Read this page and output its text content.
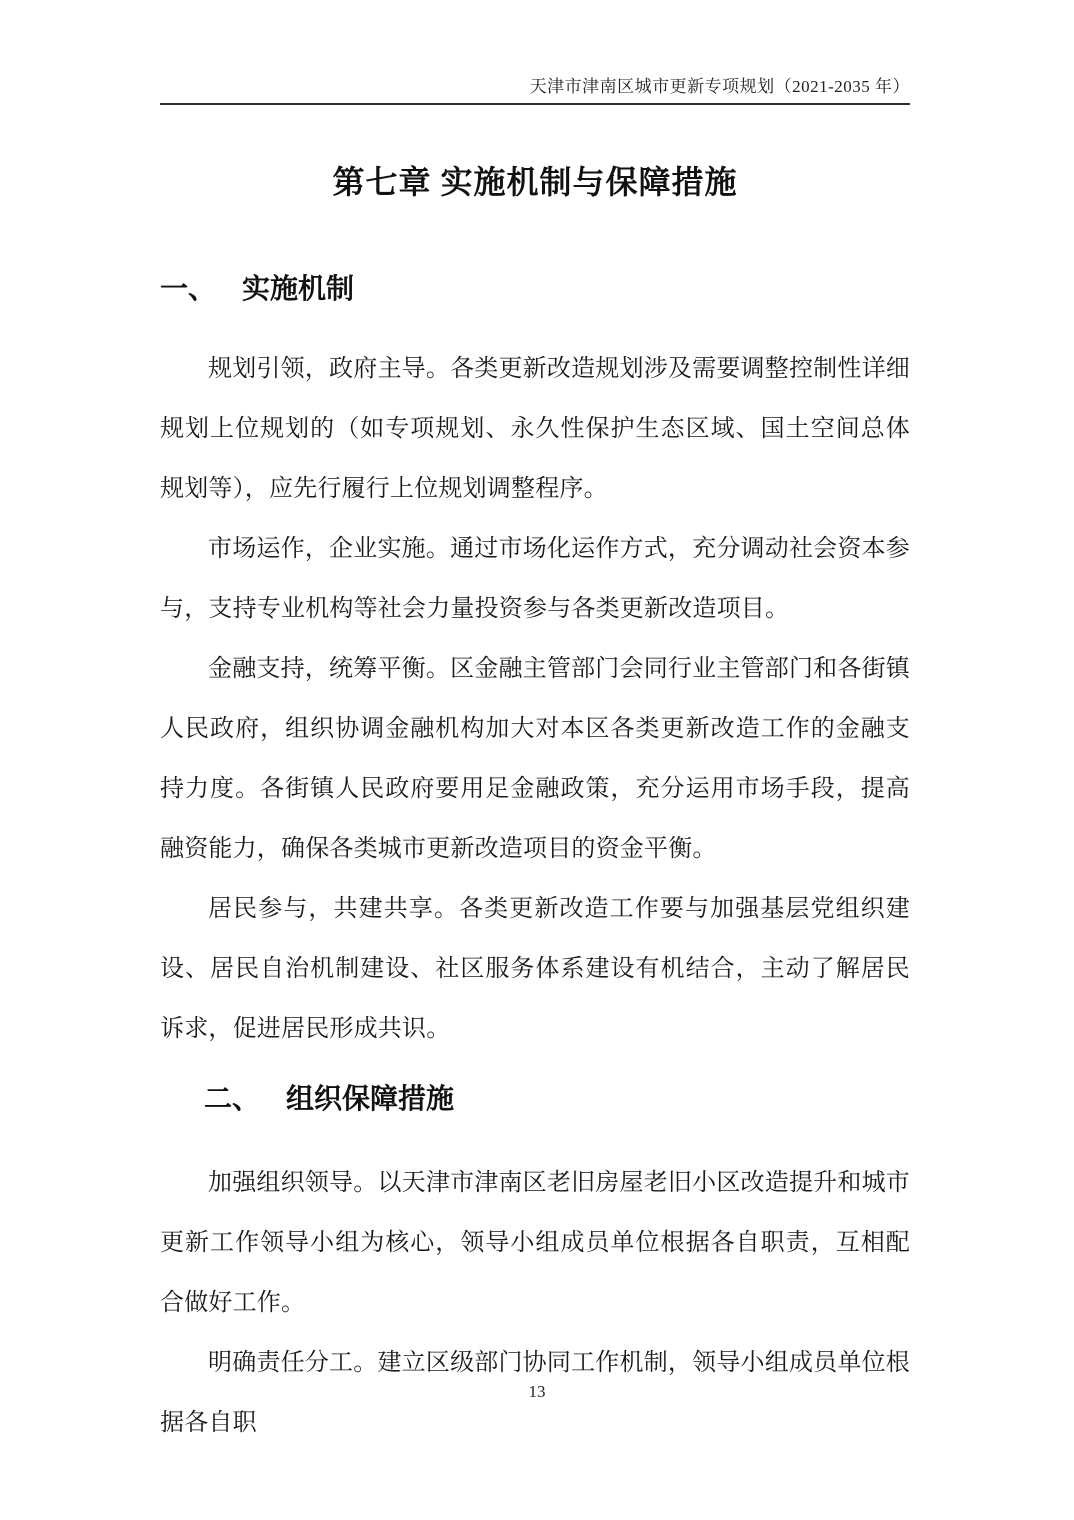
天津市津南区城市更新专项规划（2021-2035 年）
第七章 实施机制与保障措施
一、 实施机制

规划引领，政府主导。各类更新改造规划涉及需要调整控制性详细规划上位规划的（如专项规划、永久性保护生态区域、国土空间总体规划等），应先行履行上位规划调整程序。

市场运作，企业实施。通过市场化运作方式，充分调动社会资本参与，支持专业机构等社会力量投资参与各类更新改造项目。

金融支持，统筹平衡。区金融主管部门会同行业主管部门和各街镇人民政府，组织协调金融机构加大对本区各类更新改造工作的金融支持力度。各街镇人民政府要用足金融政策，充分运用市场手段，提高融资能力，确保各类城市更新改造项目的资金平衡。

居民参与，共建共享。各类更新改造工作要与加强基层党组织建设、居民自治机制建设、社区服务体系建设有机结合，主动了解居民诉求，促进居民形成共识。

二、 组织保障措施

加强组织领导。以天津市津南区老旧房屋老旧小区改造提升和城市更新工作领导小组为核心，领导小组成员单位根据各自职责，互相配合做好工作。

明确责任分工。建立区级部门协同工作机制，领导小组成员单位根据各自职

13
